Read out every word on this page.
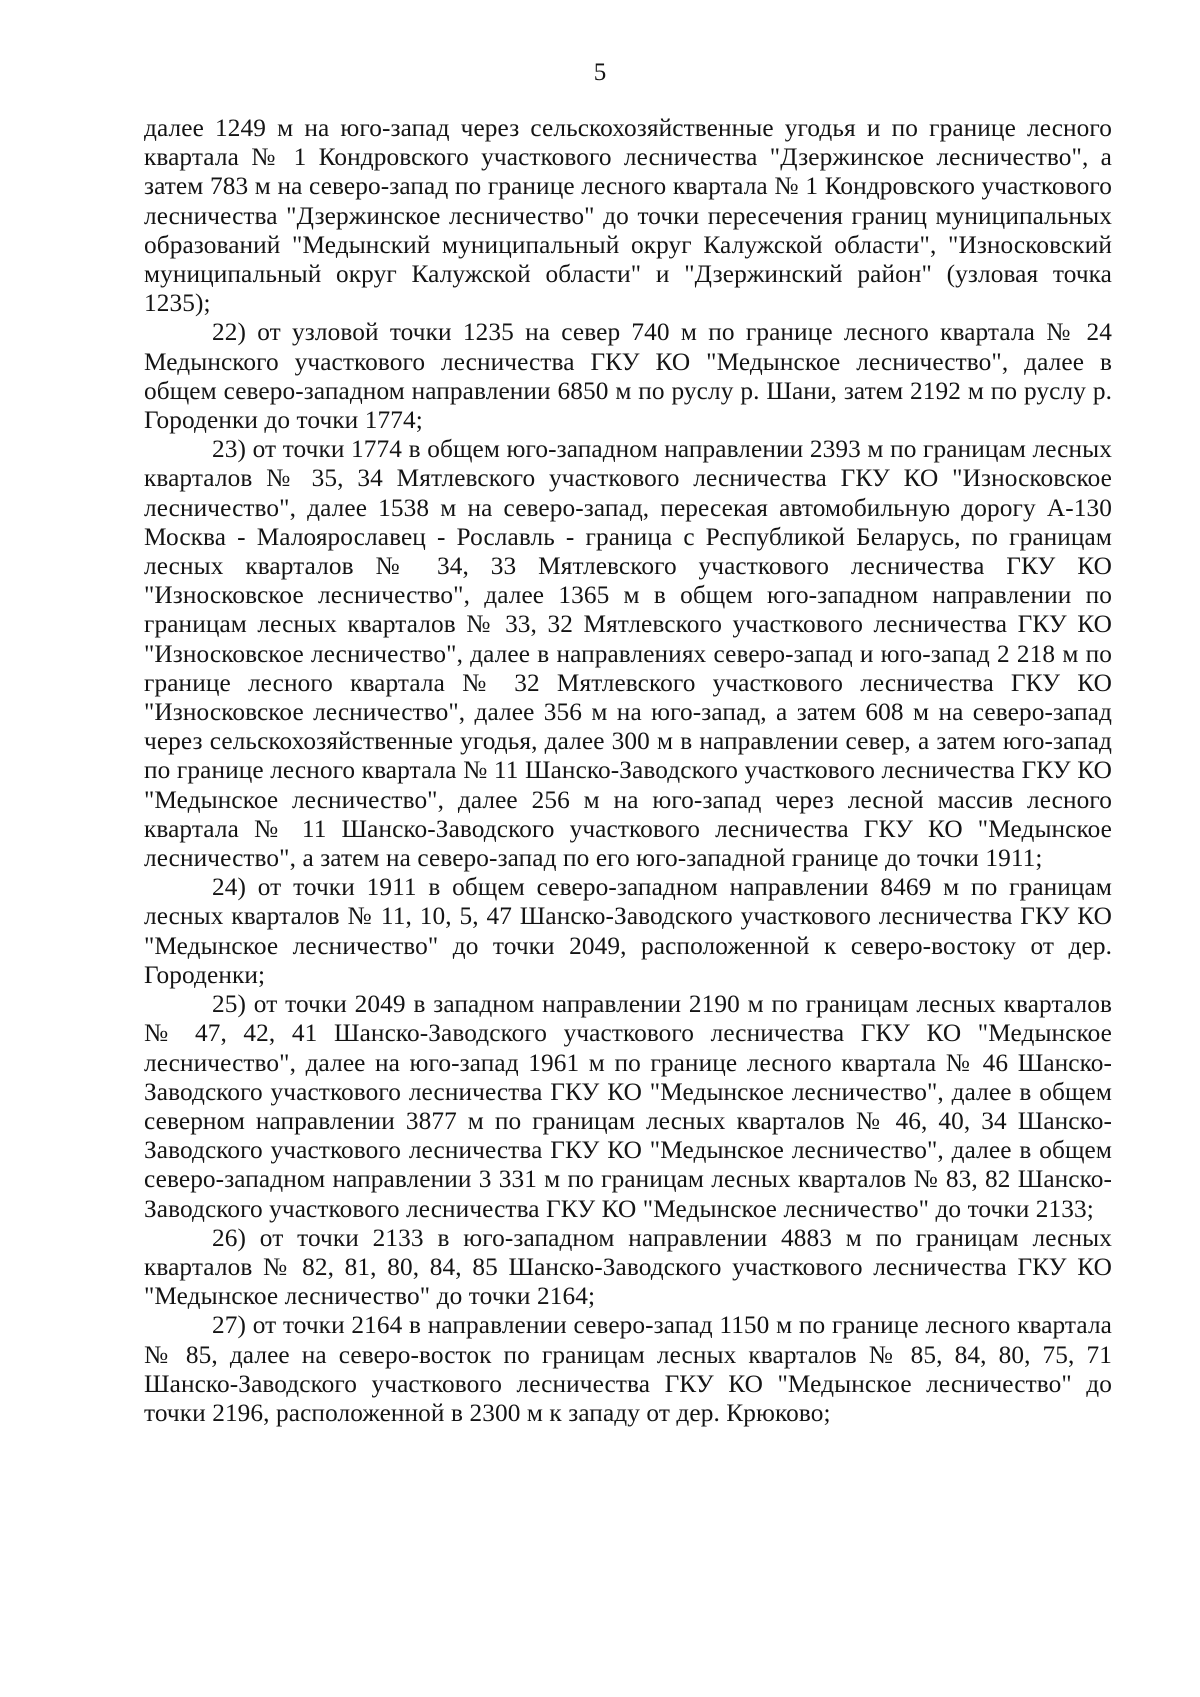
5

далее 1249 м на юго-запад через сельскохозяйственные угодья и по границе лесного квартала № 1 Кондровского участкового лесничества "Дзержинское лесничество", а затем 783 м на северо-запад по границе лесного квартала № 1 Кондровского участкового лесничества "Дзержинское лесничество" до точки пересечения границ муниципальных образований "Медынский муниципальный округ Калужской области", "Износковский муниципальный округ Калужской области" и "Дзержинский район" (узловая точка 1235);

22) от узловой точки 1235 на север 740 м по границе лесного квартала № 24 Медынского участкового лесничества ГКУ КО "Медынское лесничество", далее в общем северо-западном направлении 6850 м по руслу р. Шани, затем 2192 м по руслу р. Городенки до точки 1774;

23) от точки 1774 в общем юго-западном направлении 2393 м по границам лесных кварталов № 35, 34 Мятлевского участкового лесничества ГКУ КО "Износковское лесничество", далее 1538 м на северо-запад, пересекая автомобильную дорогу А-130 Москва - Малоярославец - Рославль - граница с Республикой Беларусь, по границам лесных кварталов № 34, 33 Мятлевского участкового лесничества ГКУ КО "Износковское лесничество", далее 1365 м в общем юго-западном направлении по границам лесных кварталов № 33, 32 Мятлевского участкового лесничества ГКУ КО "Износковское лесничество", далее в направлениях северо-запад и юго-запад 2 218 м по границе лесного квартала № 32 Мятлевского участкового лесничества ГКУ КО "Износковское лесничество", далее 356 м на юго-запад, а затем 608 м на северо-запад через сельскохозяйственные угодья, далее 300 м в направлении север, а затем юго-запад по границе лесного квартала № 11 Шанско-Заводского участкового лесничества ГКУ КО "Медынское лесничество", далее 256 м на юго-запад через лесной массив лесного квартала № 11 Шанско-Заводского участкового лесничества ГКУ КО "Медынское лесничество", а затем на северо-запад по его юго-западной границе до точки 1911;

24) от точки 1911 в общем северо-западном направлении 8469 м по границам лесных кварталов № 11, 10, 5, 47 Шанско-Заводского участкового лесничества ГКУ КО "Медынское лесничество" до точки 2049, расположенной к северо-востоку от дер. Городенки;

25) от точки 2049 в западном направлении 2190 м по границам лесных кварталов № 47, 42, 41 Шанско-Заводского участкового лесничества ГКУ КО "Медынское лесничество", далее на юго-запад 1961 м по границе лесного квартала № 46 Шанско-Заводского участкового лесничества ГКУ КО "Медынское лесничество", далее в общем северном направлении 3877 м по границам лесных кварталов № 46, 40, 34 Шанско-Заводского участкового лесничества ГКУ КО "Медынское лесничество", далее в общем северо-западном направлении 3 331 м по границам лесных кварталов № 83, 82 Шанско-Заводского участкового лесничества ГКУ КО "Медынское лесничество" до точки 2133;

26) от точки 2133 в юго-западном направлении 4883 м по границам лесных кварталов № 82, 81, 80, 84, 85 Шанско-Заводского участкового лесничества ГКУ КО "Медынское лесничество" до точки 2164;

27) от точки 2164 в направлении северо-запад 1150 м по границе лесного квартала № 85, далее на северо-восток по границам лесных кварталов № 85, 84, 80, 75, 71 Шанско-Заводского участкового лесничества ГКУ КО "Медынское лесничество" до точки 2196, расположенной в 2300 м к западу от дер. Крюково;
